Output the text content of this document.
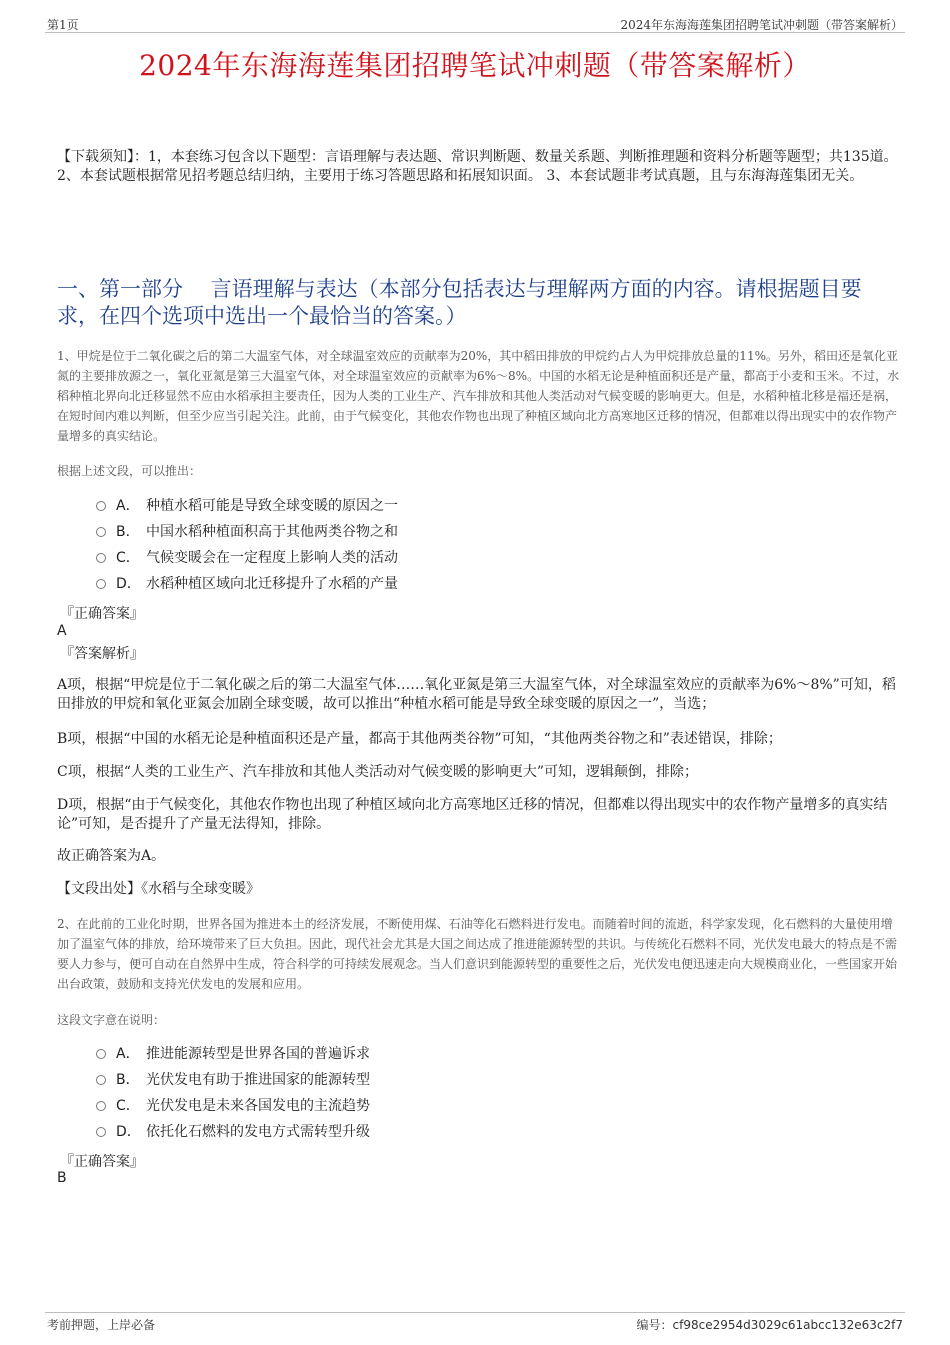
第1页	2024年东海海莲集团招聘笔试冲刺题（带答案解析）
2024年东海海莲集团招聘笔试冲刺题（带答案解析）
【下载须知】：1，本套练习包含以下题型：言语理解与表达题、常识判断题、数量关系题、判断推理题和资料分析题等题型；共135道。 2、本套试题根据常见招考题总结归纳，主要用于练习答题思路和拓展知识面。 3、本套试题非考试真题，且与东海海莲集团无关。
一、第一部分　 言语理解与表达（本部分包括表达与理解两方面的内容。请根据题目要求，在四个选项中选出一个最恰当的答案。）
1、甲烷是位于二氧化碳之后的第二大温室气体，对全球温室效应的贡献率为20%，其中稻田排放的甲烷约占人为甲烷排放总量的11%。另外，稻田还是氧化亚氮的主要排放源之一，氧化亚氮是第三大温室气体，对全球温室效应的贡献率为6%～8%。中国的水稻无论是种植面积还是产量，都高于小麦和玉米。不过，水稻种植北界向北迁移显然不应由水稻承担主要责任，因为人类的工业生产、汽车排放和其他人类活动对气候变暖的影响更大。但是，水稻种植北移是福还是祸，在短时间内难以判断，但至少应当引起关注。此前，由于气候变化，其他农作物也出现了种植区域向北方高寒地区迁移的情况，但都难以得出现实中的农作物产量增多的真实结论。
根据上述文段，可以推出：
A． 种植水稻可能是导致全球变暖的原因之一
B． 中国水稻种植面积高于其他两类谷物之和
C． 气候变暖会在一定程度上影响人类的活动
D． 水稻种植区域向北迁移提升了水稻的产量
『正确答案』
A
『答案解析』
A项，根据“甲烷是位于二氧化碳之后的第二大温室气体……氧化亚氮是第三大温室气体，对全球温室效应的贡献率为6%～8%”可知，稻田排放的甲烷和氧化亚氮会加剧全球变暖，故可以推出“种植水稻可能是导致全球变暖的原因之一”，当选；
B项，根据“中国的水稻无论是种植面积还是产量，都高于其他两类谷物”可知，“其他两类谷物之和”表述错误，排除；
C项，根据“人类的工业生产、汽车排放和其他人类活动对气候变暖的影响更大”可知，逻辑颠倒，排除；
D项，根据“由于气候变化，其他农作物也出现了种植区域向北方高寒地区迁移的情况，但都难以得出现实中的农作物产量增多的真实结论”可知，是否提升了产量无法得知，排除。
故正确答案为A。
【文段出处】《水稻与全球变暖》
2、在此前的工业化时期，世界各国为推进本土的经济发展，不断使用煤、石油等化石燃料进行发电。而随着时间的流逝，科学家发现，化石燃料的大量使用增加了温室气体的排放，给环境带来了巨大负担。因此，现代社会尤其是大国之间达成了推进能源转型的共识。与传统化石燃料不同，光伏发电最大的特点是不需要人力参与，便可自动在自然界中生成，符合科学的可持续发展观念。当人们意识到能源转型的重要性之后，光伏发电便迅速走向大规模商业化，一些国家开始出台政策，鼓励和支持光伏发电的发展和应用。
这段文字意在说明：
A． 推进能源转型是世界各国的普遍诉求
B． 光伏发电有助于推进国家的能源转型
C． 光伏发电是未来各国发电的主流趋势
D． 依托化石燃料的发电方式需转型升级
『正确答案』
B
考前押题，上岸必备	编号：cf98ce2954d3029c61abcc132e63c2f7
